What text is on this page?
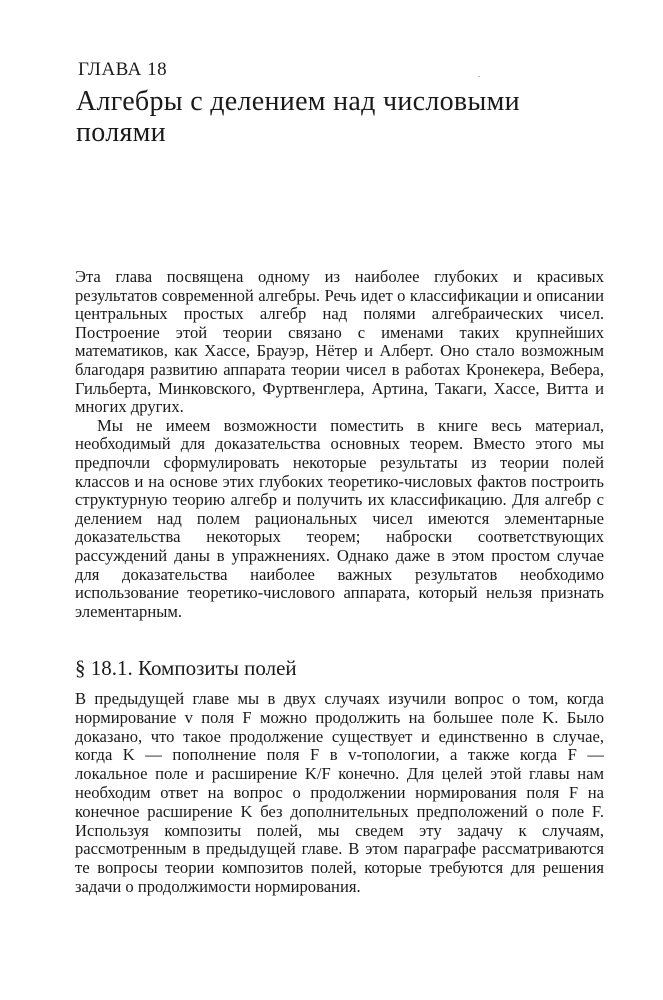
ГЛАВА 18
Алгебры с делением над числовыми полями

Эта глава посвящена одному из наиболее глубоких и красивых результатов современной алгебры. Речь идет о классификации и описании центральных простых алгебр над полями алгебраических чисел. Построение этой теории связано с именами таких крупнейших математиков, как Хассе, Брауэр, Нётер и Алберт. Оно стало возможным благодаря развитию аппарата теории чисел в работах Кронекера, Вебера, Гильберта, Минковского, Фуртвенглера, Артина, Такаги, Хассе, Витта и многих других.

Мы не имеем возможности поместить в книге весь материал, необходимый для доказательства основных теорем. Вместо этого мы предпочли сформулировать некоторые результаты из теории полей классов и на основе этих глубоких теоретико-числовых фактов построить структурную теорию алгебр и получить их классификацию. Для алгебр с делением над полем рациональных чисел имеются элементарные доказательства некоторых теорем; наброски соответствующих рассуждений даны в упражнениях. Однако даже в этом простом случае для доказательства наиболее важных результатов необходимо использование теоретико-числового аппарата, который нельзя признать элементарным.

§ 18.1. Композиты полей

В предыдущей главе мы в двух случаях изучили вопрос о том, когда нормирование v поля F можно продолжить на большее поле K. Было доказано, что такое продолжение существует и единственно в случае, когда K — пополнение поля F в v-топологии, а также когда F — локальное поле и расширение K/F конечно. Для целей этой главы нам необходим ответ на вопрос о продолжении нормирования поля F на конечное расширение K без дополнительных предположений о поле F. Используя композиты полей, мы сведем эту задачу к случаям, рассмотренным в предыдущей главе. В этом параграфе рассматриваются те вопросы теории композитов полей, которые требуются для решения задачи о продолжимости нормирования.
